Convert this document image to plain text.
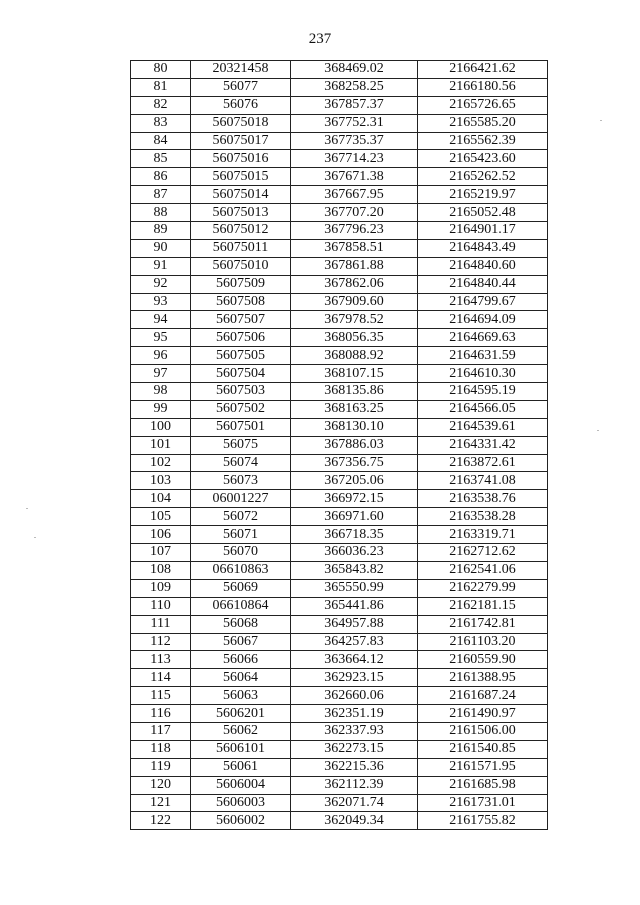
237
80	20321458	368469.02	2166421.62
81	56077	368258.25	2166180.56
82	56076	367857.37	2165726.65
83	56075018	367752.31	2165585.20
84	56075017	367735.37	2165562.39
85	56075016	367714.23	2165423.60
86	56075015	367671.38	2165262.52
87	56075014	367667.95	2165219.97
88	56075013	367707.20	2165052.48
89	56075012	367796.23	2164901.17
90	56075011	367858.51	2164843.49
91	56075010	367861.88	2164840.60
92	5607509	367862.06	2164840.44
93	5607508	367909.60	2164799.67
94	5607507	367978.52	2164694.09
95	5607506	368056.35	2164669.63
96	5607505	368088.92	2164631.59
97	5607504	368107.15	2164610.30
98	5607503	368135.86	2164595.19
99	5607502	368163.25	2164566.05
100	5607501	368130.10	2164539.61
101	56075	367886.03	2164331.42
102	56074	367356.75	2163872.61
103	56073	367205.06	2163741.08
104	06001227	366972.15	2163538.76
105	56072	366971.60	2163538.28
106	56071	366718.35	2163319.71
107	56070	366036.23	2162712.62
108	06610863	365843.82	2162541.06
109	56069	365550.99	2162279.99
110	06610864	365441.86	2162181.15
111	56068	364957.88	2161742.81
112	56067	364257.83	2161103.20
113	56066	363664.12	2160559.90
114	56064	362923.15	2161388.95
115	56063	362660.06	2161687.24
116	5606201	362351.19	2161490.97
117	56062	362337.93	2161506.00
118	5606101	362273.15	2161540.85
119	56061	362215.36	2161571.95
120	5606004	362112.39	2161685.98
121	5606003	362071.74	2161731.01
122	5606002	362049.34	2161755.82
